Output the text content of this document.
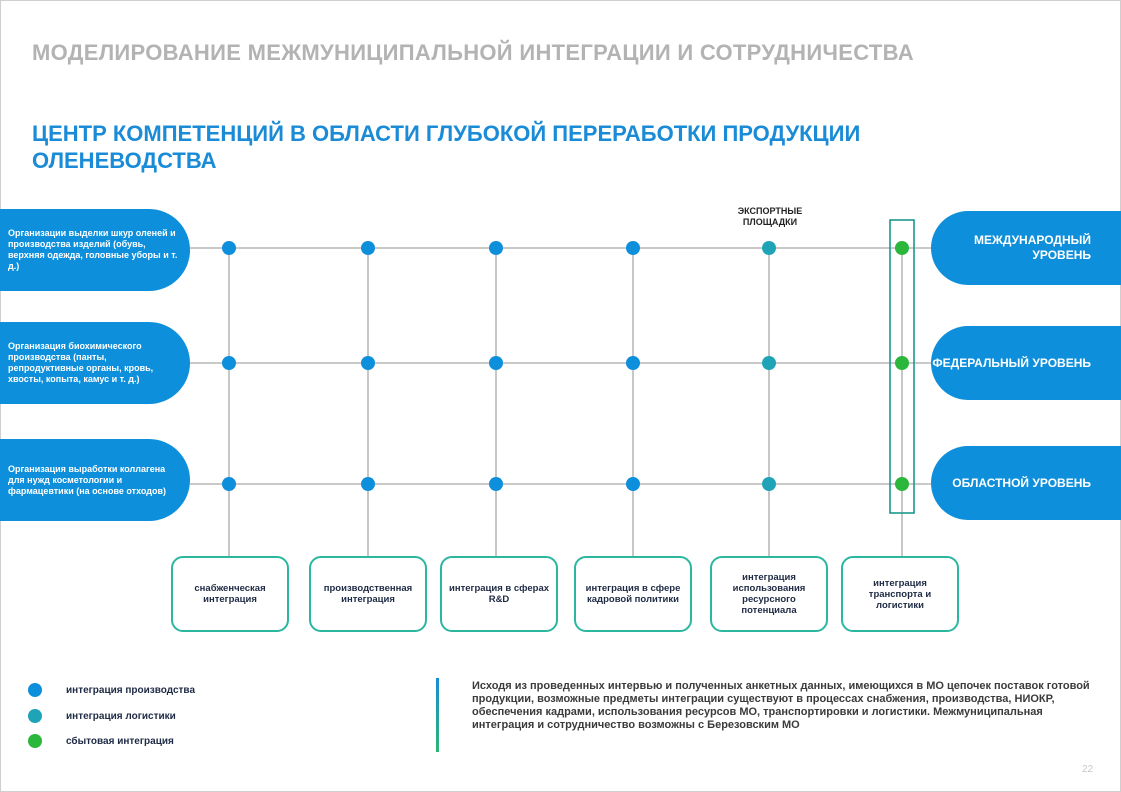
МОДЕЛИРОВАНИЕ МЕЖМУНИЦИПАЛЬНОЙ ИНТЕГРАЦИИ И СОТРУДНИЧЕСТВА
ЦЕНТР КОМПЕТЕНЦИЙ В ОБЛАСТИ ГЛУБОКОЙ ПЕРЕРАБОТКИ ПРОДУКЦИИ ОЛЕНЕВОДСТВА
Организации выделки шкур оленей и производства изделий (обувь, верхняя одежда, головные уборы и т. д.)
Организация биохимического производства (панты, репродуктивные органы, кровь, хвосты, копыта, камус и т. д.)
Организация выработки коллагена для нужд косметологии и фармацевтики (на основе отходов)
МЕЖДУНАРОДНЫЙ УРОВЕНЬ
ФЕДЕРАЛЬНЫЙ УРОВЕНЬ
ОБЛАСТНОЙ УРОВЕНЬ
ЭКСПОРТНЫЕ ПЛОЩАДКИ
снабженческая интеграция
производственная интеграция
интеграция в сферах R&D
интеграция в сфере кадровой политики
интеграция использования ресурсного потенциала
интеграция транспорта и логистики
интеграция производства
интеграция логистики
сбытовая интеграция
Исходя из проведенных интервью и полученных анкетных данных, имеющихся в МО цепочек поставок готовой продукции, возможные предметы интеграции существуют в процессах снабжения, производства, НИОКР, обеспечения кадрами, использования ресурсов МО, транспортировки и логистики. Межмуниципальная интеграция и сотрудничество возможны с Березовским МО
22
